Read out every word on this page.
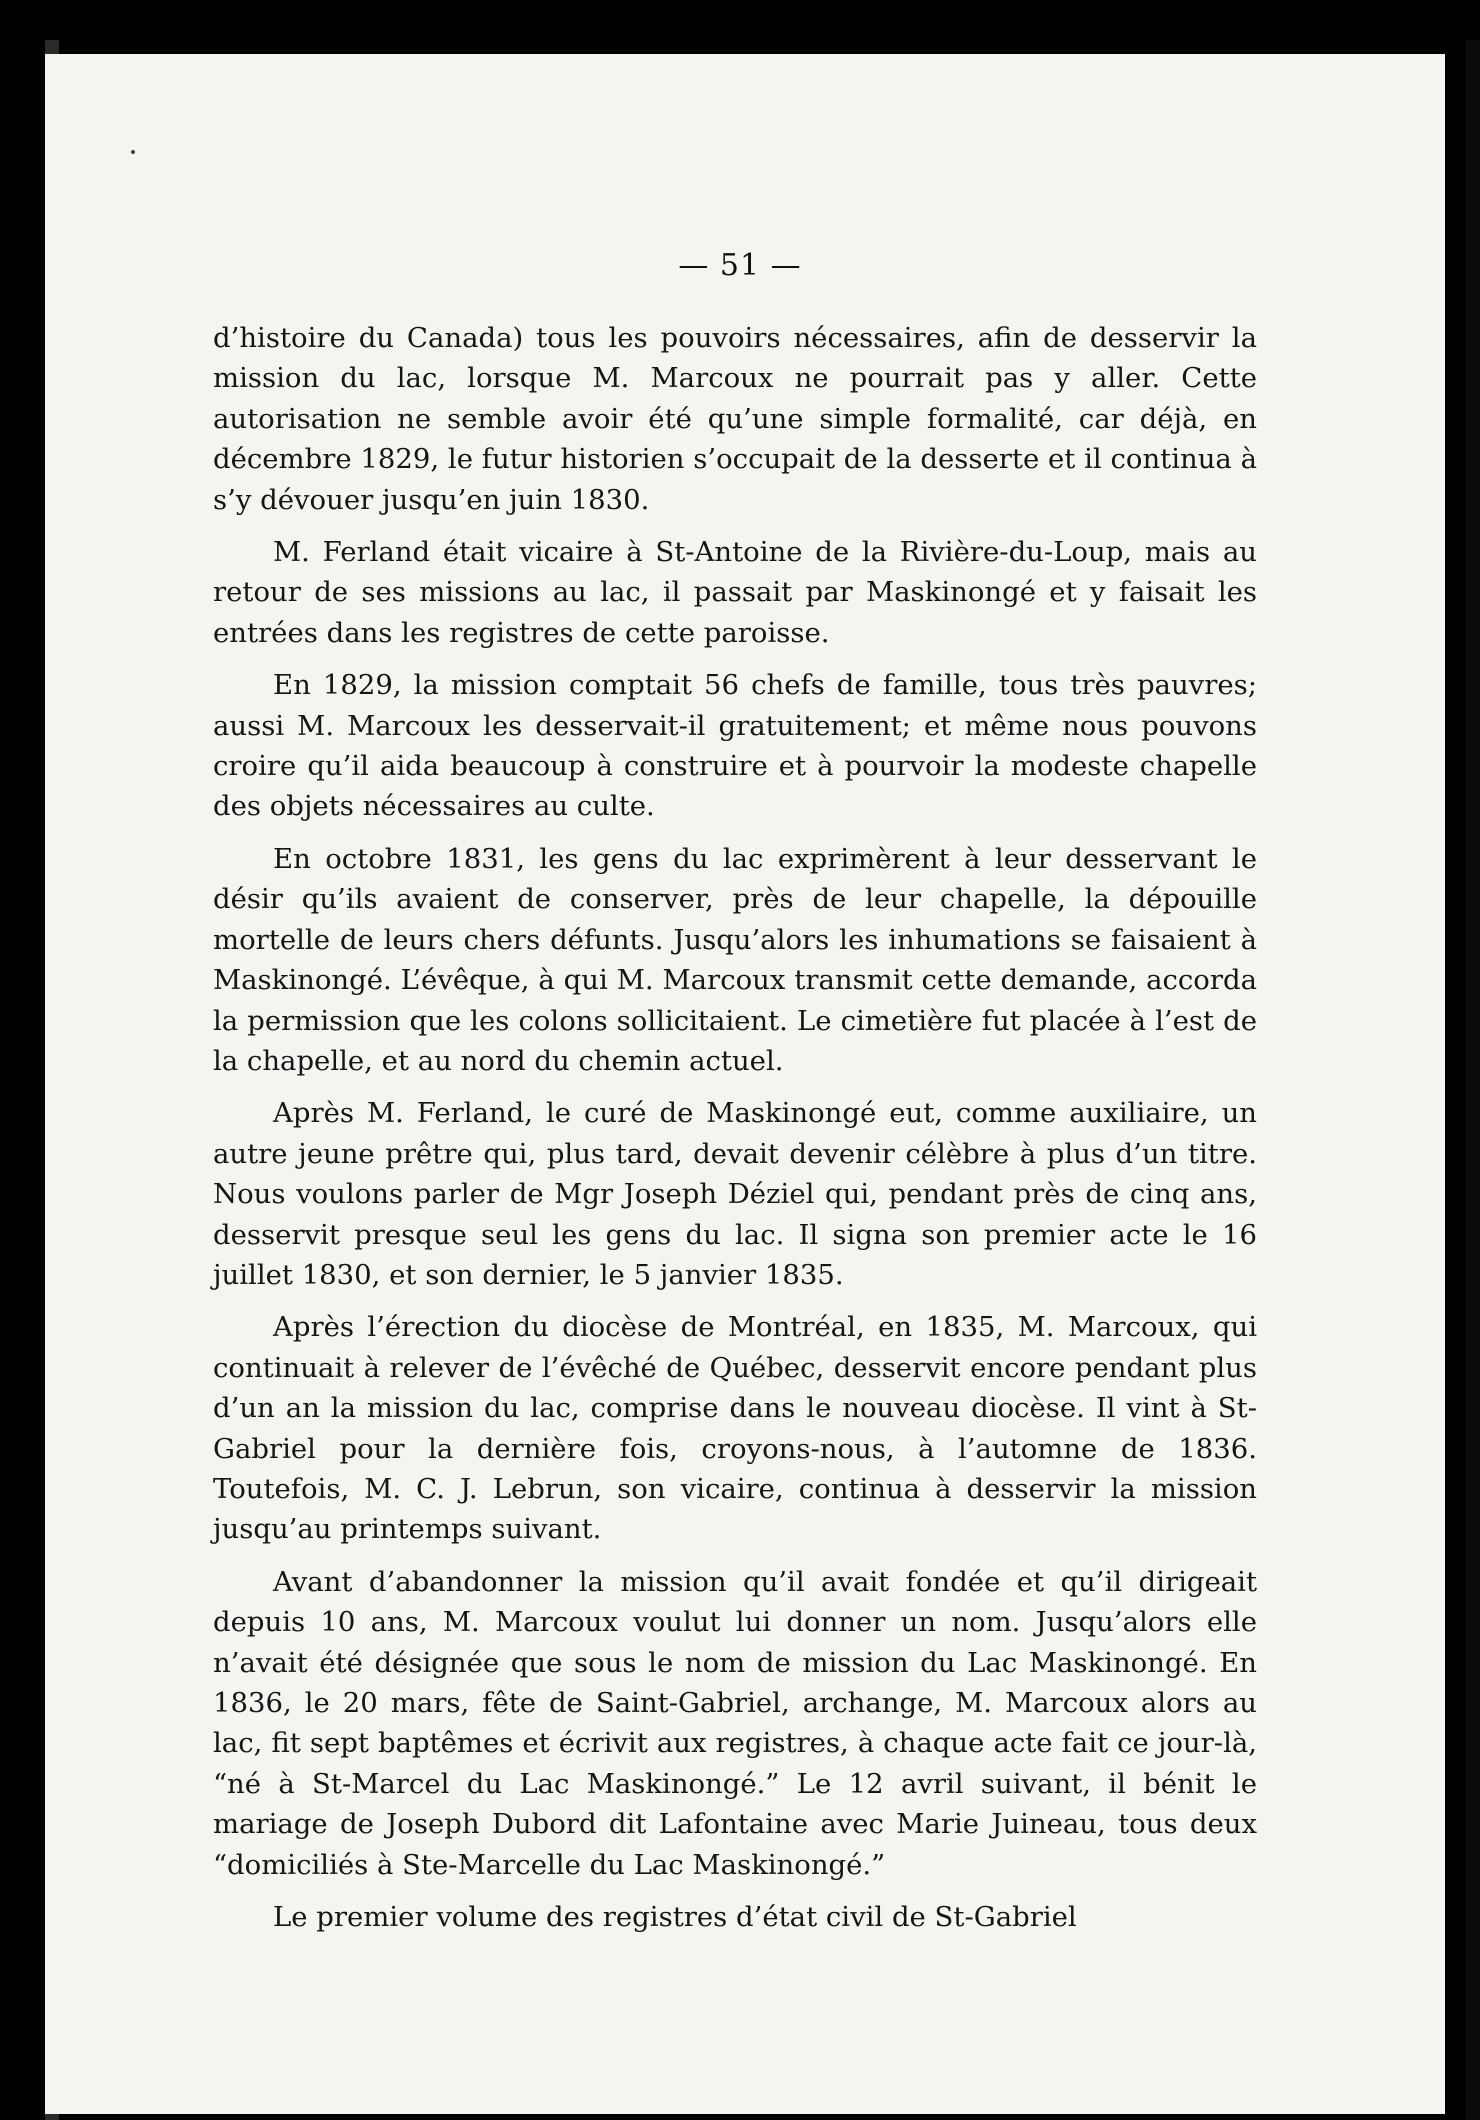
— 51 —

d’histoire du Canada) tous les pouvoirs nécessaires, afin de desservir la mission du lac, lorsque M. Marcoux ne pourrait pas y aller. Cette autorisation ne semble avoir été qu’une simple formalité, car déjà, en décembre 1829, le futur historien s’occupait de la desserte et il continua à s’y dévouer jusqu’en juin 1830.

M. Ferland était vicaire à St-Antoine de la Rivière-du-Loup, mais au retour de ses missions au lac, il passait par Maskinongé et y faisait les entrées dans les registres de cette paroisse.

En 1829, la mission comptait 56 chefs de famille, tous très pauvres; aussi M. Marcoux les desservait-il gratuitement; et même nous pouvons croire qu’il aida beaucoup à construire et à pourvoir la modeste chapelle des objets nécessaires au culte.

En octobre 1831, les gens du lac exprimèrent à leur desservant le désir qu’ils avaient de conserver, près de leur chapelle, la dépouille mortelle de leurs chers défunts. Jusqu’alors les inhumations se faisaient à Maskinongé. L’évêque, à qui M. Marcoux transmit cette demande, accorda la permission que les colons sollicitaient. Le cimetière fut placée à l’est de la chapelle, et au nord du chemin actuel.

Après M. Ferland, le curé de Maskinongé eut, comme auxiliaire, un autre jeune prêtre qui, plus tard, devait devenir célèbre à plus d’un titre. Nous voulons parler de Mgr Joseph Déziel qui, pendant près de cinq ans, desservit presque seul les gens du lac. Il signa son premier acte le 16 juillet 1830, et son dernier, le 5 janvier 1835.

Après l’érection du diocèse de Montréal, en 1835, M. Marcoux, qui continuait à relever de l’évêché de Québec, desservit encore pendant plus d’un an la mission du lac, comprise dans le nouveau diocèse. Il vint à St-Gabriel pour la dernière fois, croyons-nous, à l’automne de 1836. Toutefois, M. C. J. Lebrun, son vicaire, continua à desservir la mission jusqu’au printemps suivant.

Avant d’abandonner la mission qu’il avait fondée et qu’il dirigeait depuis 10 ans, M. Marcoux voulut lui donner un nom. Jusqu’alors elle n’avait été désignée que sous le nom de mission du Lac Maskinongé. En 1836, le 20 mars, fête de Saint-Gabriel, archange, M. Marcoux alors au lac, fit sept baptêmes et écrivit aux registres, à chaque acte fait ce jour-là, “né à St-Marcel du Lac Maskinongé.” Le 12 avril suivant, il bénit le mariage de Joseph Dubord dit Lafontaine avec Marie Juineau, tous deux “domiciliés à Ste-Marcelle du Lac Maskinongé.”

Le premier volume des registres d’état civil de St-Gabriel
